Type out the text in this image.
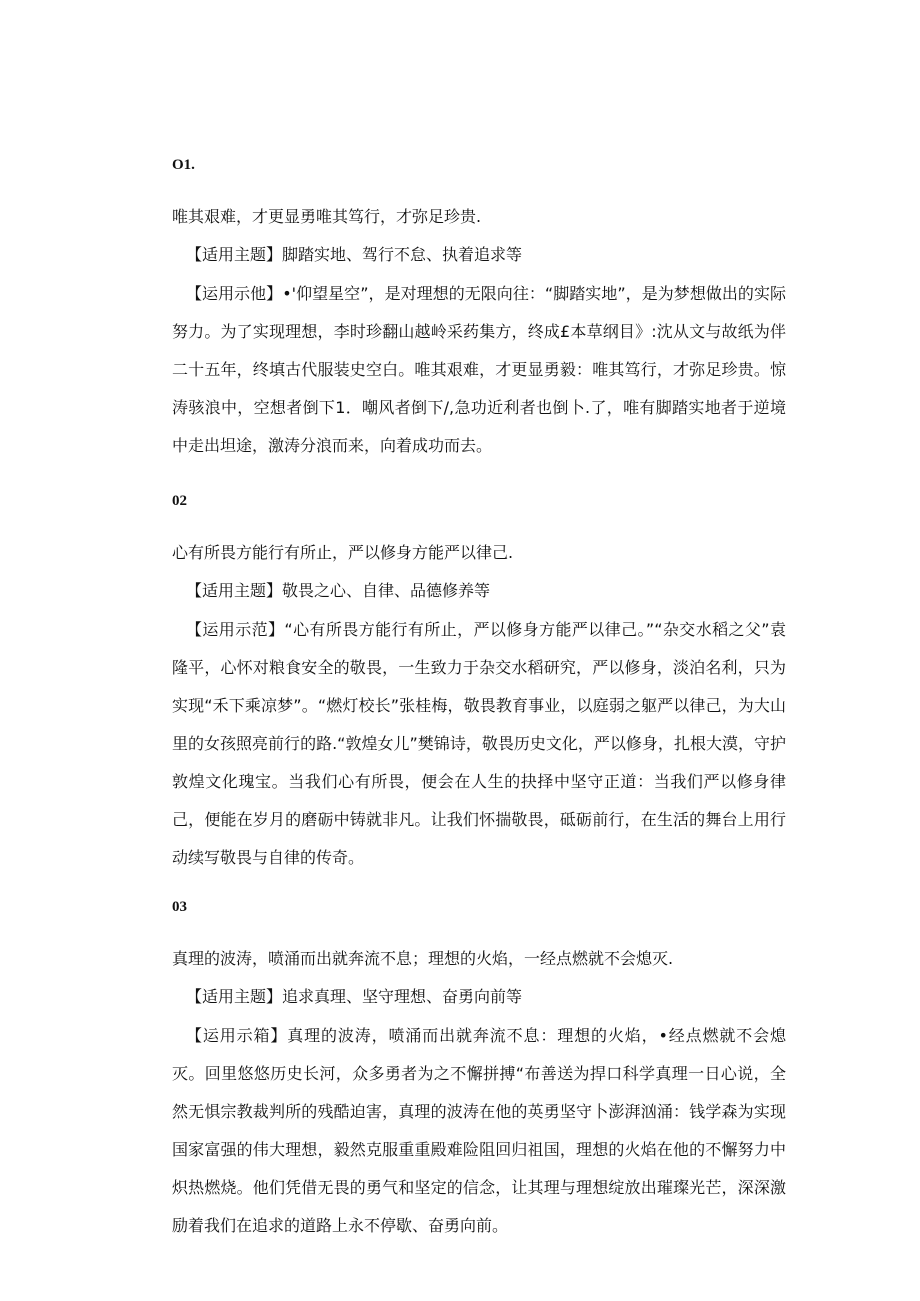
O1.

唯其艰难，才更显勇唯其笃行，才弥足珍贵.

【适用主题】脚踏实地、驾行不怠、执着追求等

【运用示他】•'仰望星空”，是对理想的无限向往：“脚踏实地”，是为梦想做出的实际努力。为了实现理想，李时珍翻山越岭采药集方，终成£本草纲目》:沈从文与故纸为伴二十五年，终填古代服装史空白。唯其艰难，才更显勇毅：唯其笃行，才弥足珍贵。惊涛骇浪中，空想者倒下1．嘲风者倒下/,急功近利者也倒卜.了，唯有脚踏实地者于逆境中走出坦途，激涛分浪而来，向着成功而去。

02

心有所畏方能行有所止，严以修身方能严以律己.

【适用主题】敬畏之心、自律、品德修养等

【运用示范】“心有所畏方能行有所止，严以修身方能严以律己。”“杂交水稻之父”袁隆平，心怀对粮食安全的敬畏，一生致力于杂交水稻研究，严以修身，淡泊名利，只为实现“禾下乘凉梦”。“燃灯校长”张桂梅，敬畏教育事业，以庭弱之躯严以律己，为大山里的女孩照亮前行的路.“敦煌女儿”樊锦诗，敬畏历史文化，严以修身，扎根大漠，守护敦煌文化瑰宝。当我们心有所畏，便会在人生的抉择中坚守正道：当我们严以修身律己，便能在岁月的磨砺中铸就非凡。让我们怀揣敬畏，砥砺前行，在生活的舞台上用行动续写敬畏与自律的传奇。

03

真理的波涛，喷涌而出就奔流不息；理想的火焰，一经点燃就不会熄灭.

【适用主题】追求真理、坚守理想、奋勇向前等

【运用示箱】真理的波涛，喷涌而出就奔流不息：理想的火焰，•经点燃就不会熄灭。回里悠悠历史长河，众多勇者为之不懈拼搏“布善送为捍口科学真理一日心说，全然无惧宗教裁判所的残酷迫害，真理的波涛在他的英勇坚守卜澎湃汹涌：钱学森为实现国家富强的伟大理想，毅然克服重重殿难险阻回归祖国，理想的火焰在他的不懈努力中炽热燃烧。他们凭借无畏的勇气和坚定的信念，让其理与理想绽放出璀璨光芒，深深激励着我们在追求的道路上永不停歇、奋勇向前。
